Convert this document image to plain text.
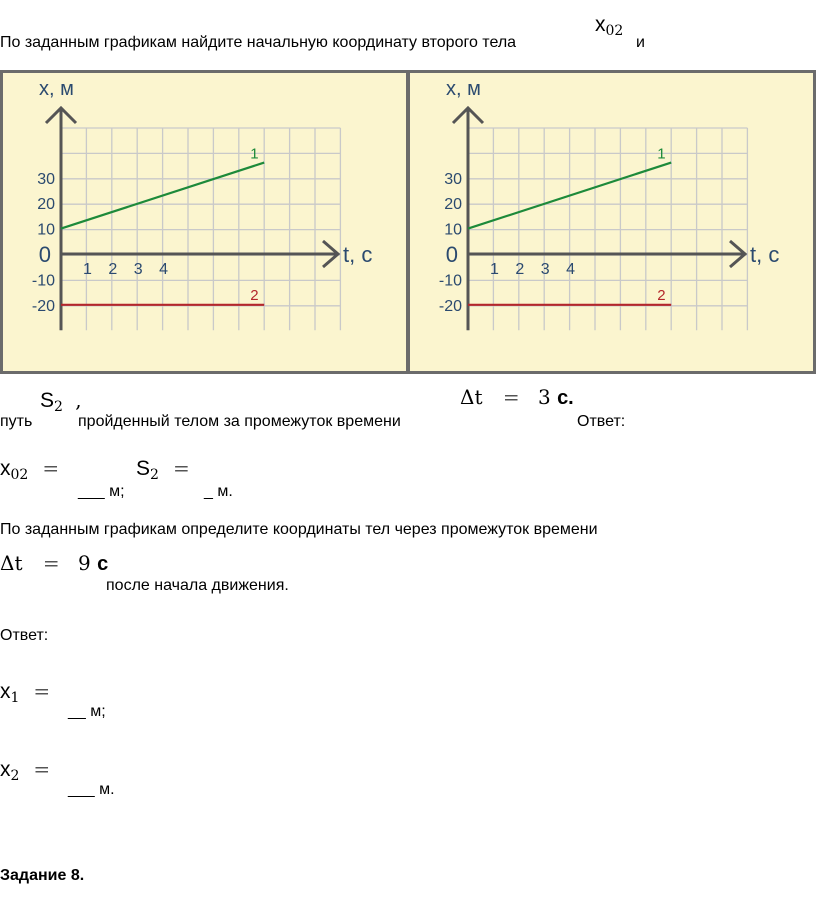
По заданным графикам найдите начальную координату второго тела
$x_{02}$
и
x, м
t, c
30
20
10
0
-10
-20
1 2 3 4
1
2
x, м
t, c
30
20
10
0
-10
-20
1 2 3 4
1
2
путь
$S_2$ ,
пройденный телом за промежуток времени
Δt = 3 с.
Ответ:
$x_{02}$ =
___ м;
$S_2$ =
_ м.
По заданным графикам определите координаты тел через промежуток времени
Δt = 9 с
после начала движения.
Ответ:
$x_1$ =
__ м;
$x_2$ =
___ м.
Задание 8.
